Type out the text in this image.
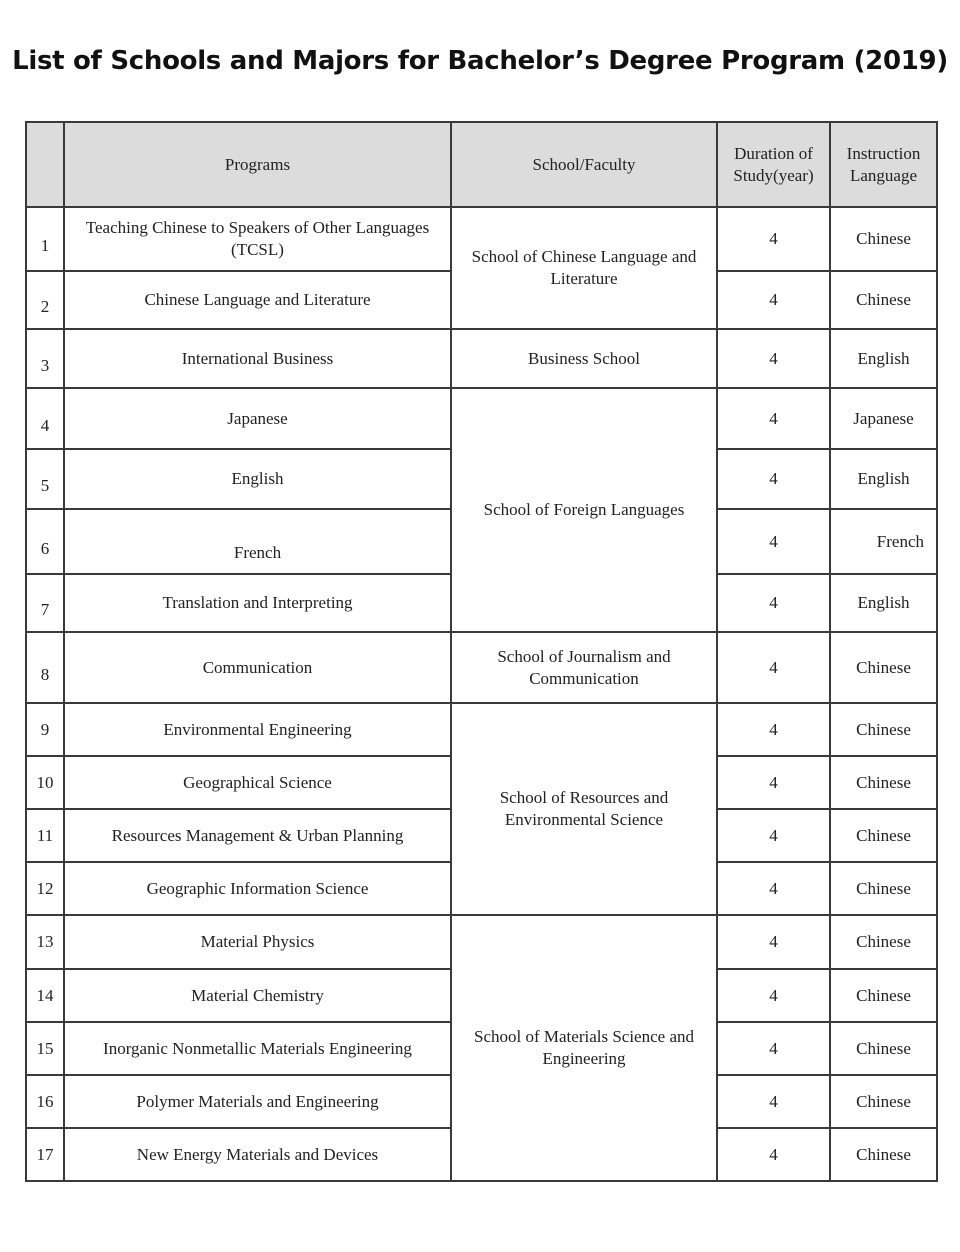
List of Schools and Majors for Bachelor’s Degree Program (2019)
	Programs	School/Faculty	Duration of Study(year)	Instruction Language
1	Teaching Chinese to Speakers of Other Languages (TCSL)	School of Chinese Language and Literature	4	Chinese
2	Chinese Language and Literature		4	Chinese
3	International Business	Business School	4	English
4	Japanese	School of Foreign Languages	4	Japanese
5	English		4	English
6	French		4	French
7	Translation and Interpreting		4	English
8	Communication	School of Journalism and Communication	4	Chinese
9	Environmental Engineering	School of Resources and Environmental Science	4	Chinese
10	Geographical Science		4	Chinese
11	Resources Management & Urban Planning		4	Chinese
12	Geographic Information Science		4	Chinese
13	Material Physics	School of Materials Science and Engineering	4	Chinese
14	Material Chemistry		4	Chinese
15	Inorganic Nonmetallic Materials Engineering		4	Chinese
16	Polymer Materials and Engineering		4	Chinese
17	New Energy Materials and Devices		4	Chinese
